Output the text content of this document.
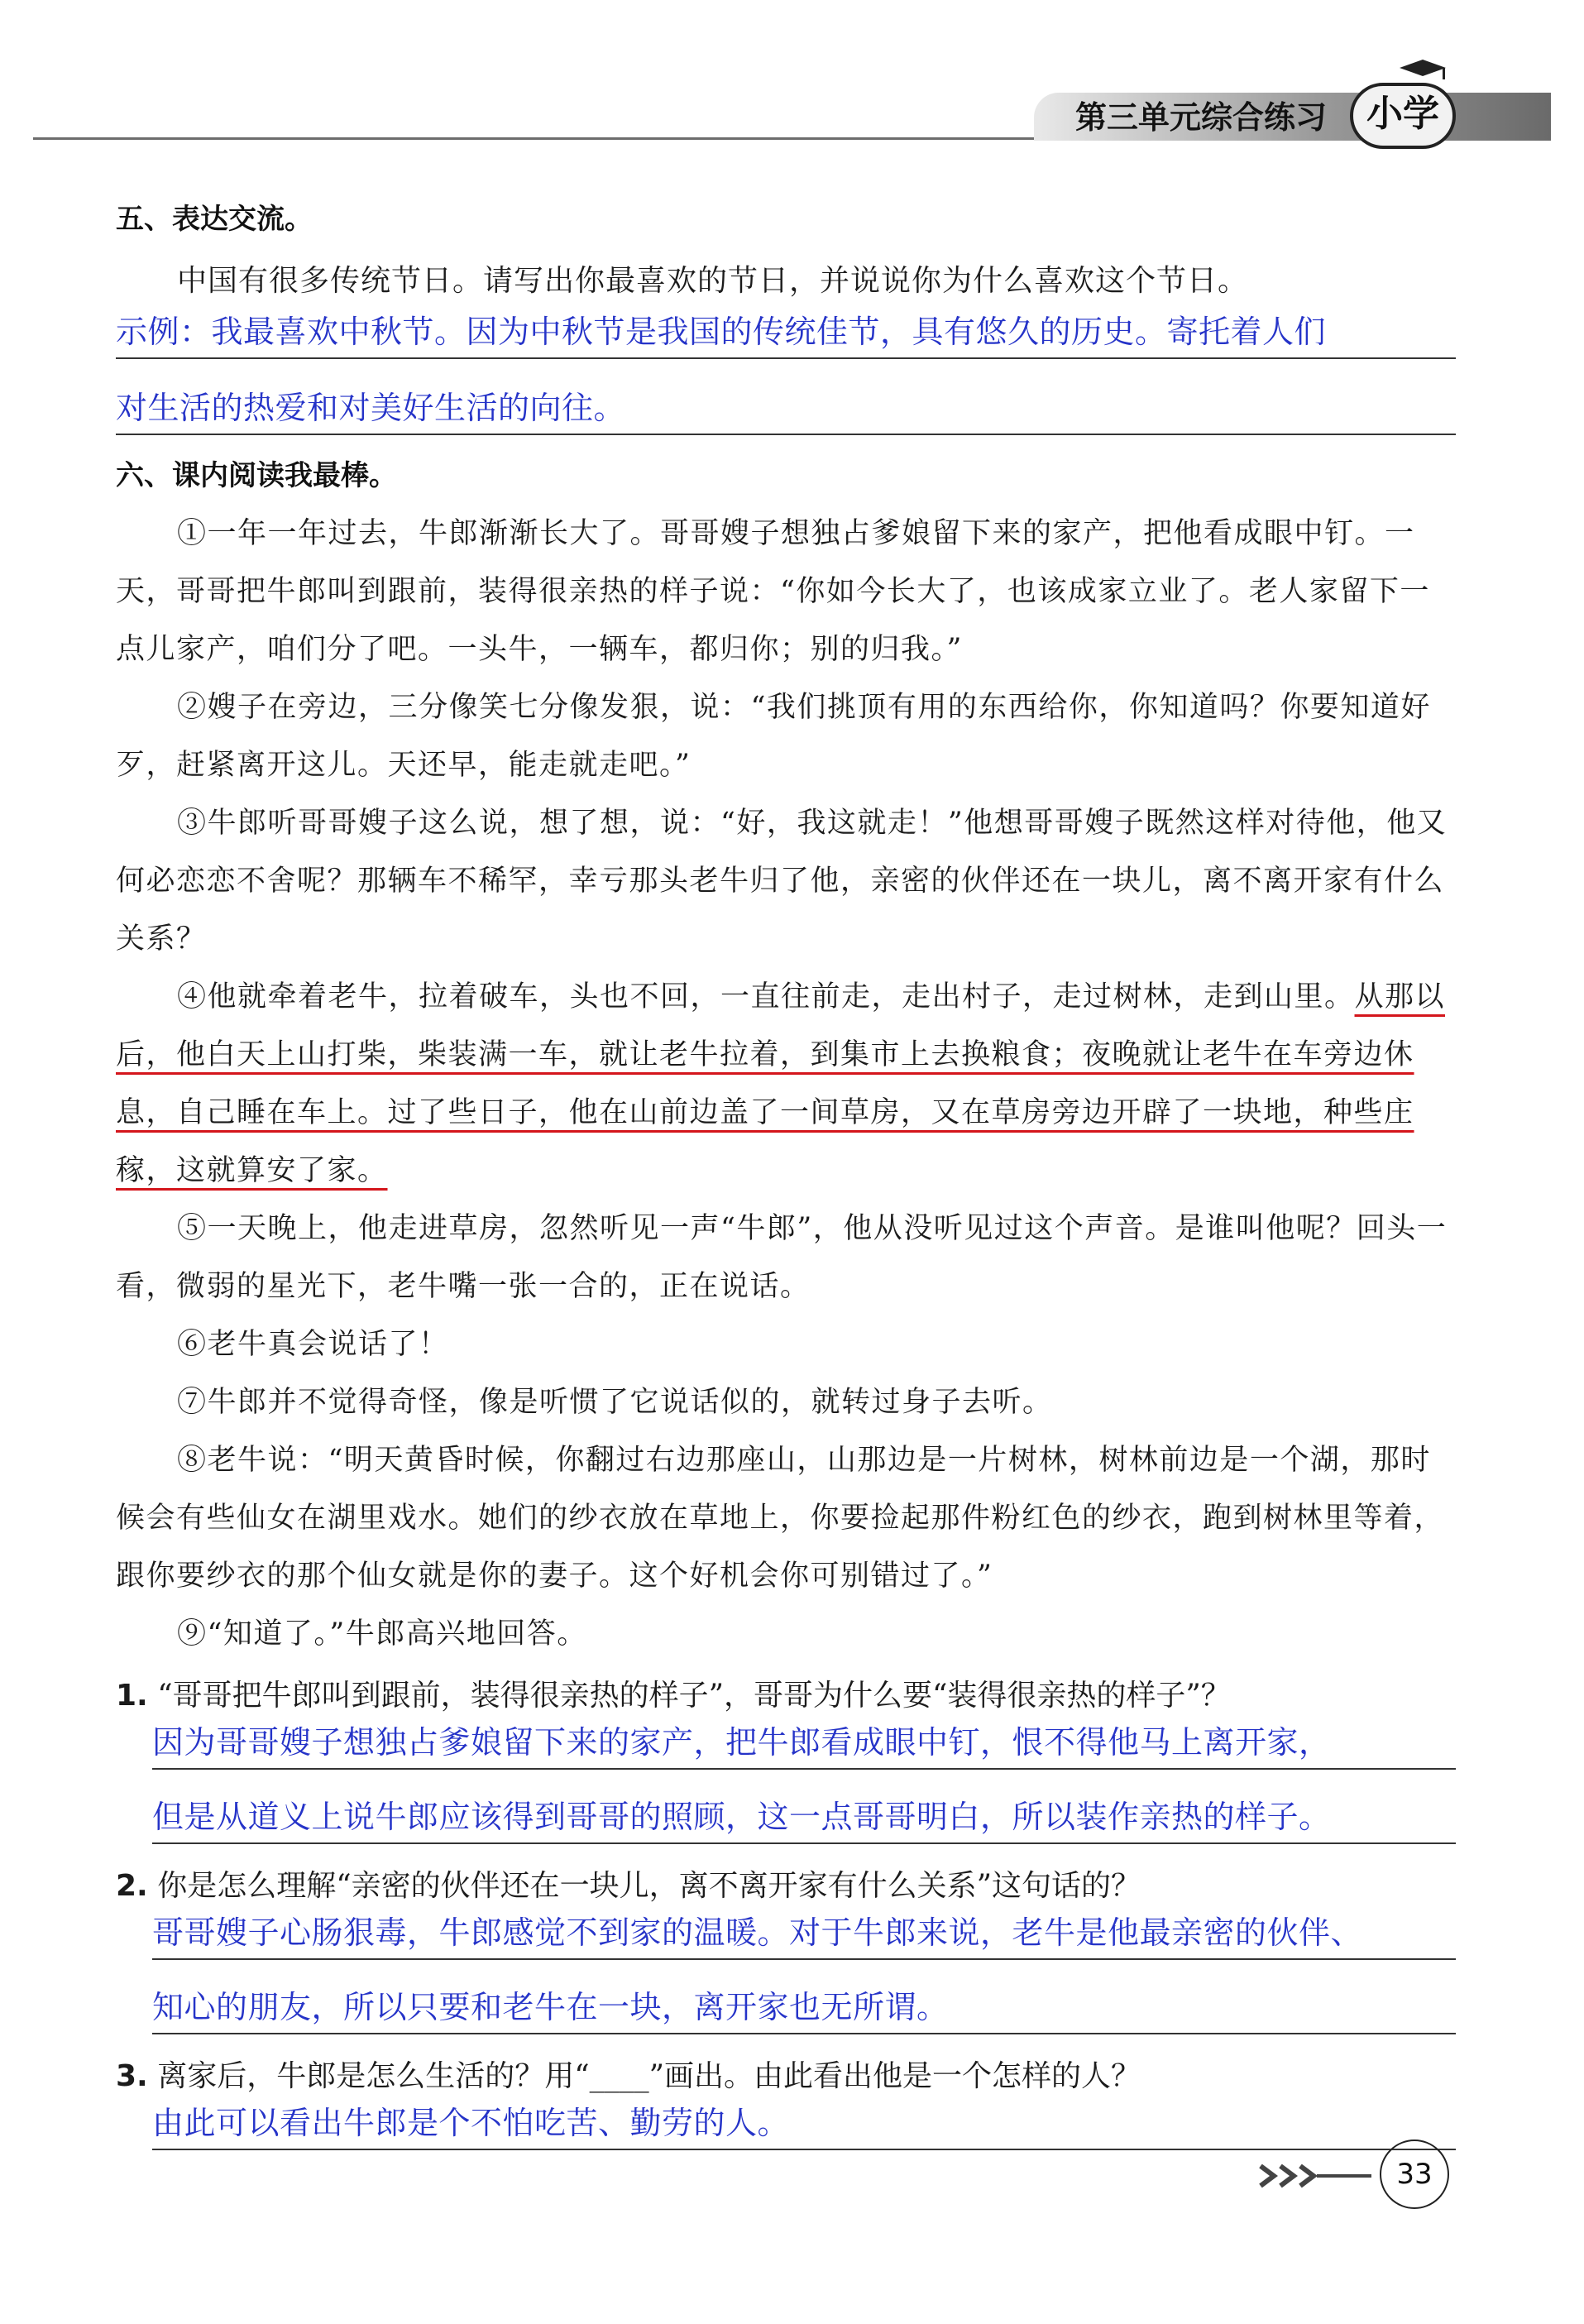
第三单元综合练习	小学
五、表达交流。
中国有很多传统节日。请写出你最喜欢的节日，并说说你为什么喜欢这个节日。
示例：我最喜欢中秋节。因为中秋节是我国的传统佳节，具有悠久的历史。寄托着人们
对生活的热爱和对美好生活的向往。
六、课内阅读我最棒。
①一年一年过去，牛郎渐渐长大了。哥哥嫂子想独占爹娘留下来的家产，把他看成眼中钉。一天，哥哥把牛郎叫到跟前，装得很亲热的样子说：“你如今长大了，也该成家立业了。老人家留下一点儿家产，咱们分了吧。一头牛，一辆车，都归你；别的归我。”
②嫂子在旁边，三分像笑七分像发狠，说：“我们挑顶有用的东西给你，你知道吗？你要知道好歹，赶紧离开这儿。天还早，能走就走吧。”
③牛郎听哥哥嫂子这么说，想了想，说：“好，我这就走！”他想哥哥嫂子既然这样对待他，他又何必恋恋不舍呢？那辆车不稀罕，幸亏那头老牛归了他，亲密的伙伴还在一块儿，离不离开家有什么关系？
④他就牵着老牛，拉着破车，头也不回，一直往前走，走出村子，走过树林，走到山里。从那以后，他白天上山打柴，柴装满一车，就让老牛拉着，到集市上去换粮食；夜晚就让老牛在车旁边休息，自己睡在车上。过了些日子，他在山前边盖了一间草房，又在草房旁边开辟了一块地，种些庄稼，这就算安了家。
⑤一天晚上，他走进草房，忽然听见一声“牛郎”，他从没听见过这个声音。是谁叫他呢？回头一看，微弱的星光下，老牛嘴一张一合的，正在说话。
⑥老牛真会说话了！
⑦牛郎并不觉得奇怪，像是听惯了它说话似的，就转过身子去听。
⑧老牛说：“明天黄昏时候，你翻过右边那座山，山那边是一片树林，树林前边是一个湖，那时候会有些仙女在湖里戏水。她们的纱衣放在草地上，你要捡起那件粉红色的纱衣，跑到树林里等着，跟你要纱衣的那个仙女就是你的妻子。这个好机会你可别错过了。”
⑨“知道了。”牛郎高兴地回答。
1. “哥哥把牛郎叫到跟前，装得很亲热的样子”，哥哥为什么要“装得很亲热的样子”？
因为哥哥嫂子想独占爹娘留下来的家产，把牛郎看成眼中钉，恨不得他马上离开家，
但是从道义上说牛郎应该得到哥哥的照顾，这一点哥哥明白，所以装作亲热的样子。
2. 你是怎么理解“亲密的伙伴还在一块儿，离不离开家有什么关系”这句话的？
哥哥嫂子心肠狠毒，牛郎感觉不到家的温暖。对于牛郎来说，老牛是他最亲密的伙伴、
知心的朋友，所以只要和老牛在一块，离开家也无所谓。
3. 离家后，牛郎是怎么生活的？用“____”画出。由此看出他是一个怎样的人？
由此可以看出牛郎是个不怕吃苦、勤劳的人。
33
